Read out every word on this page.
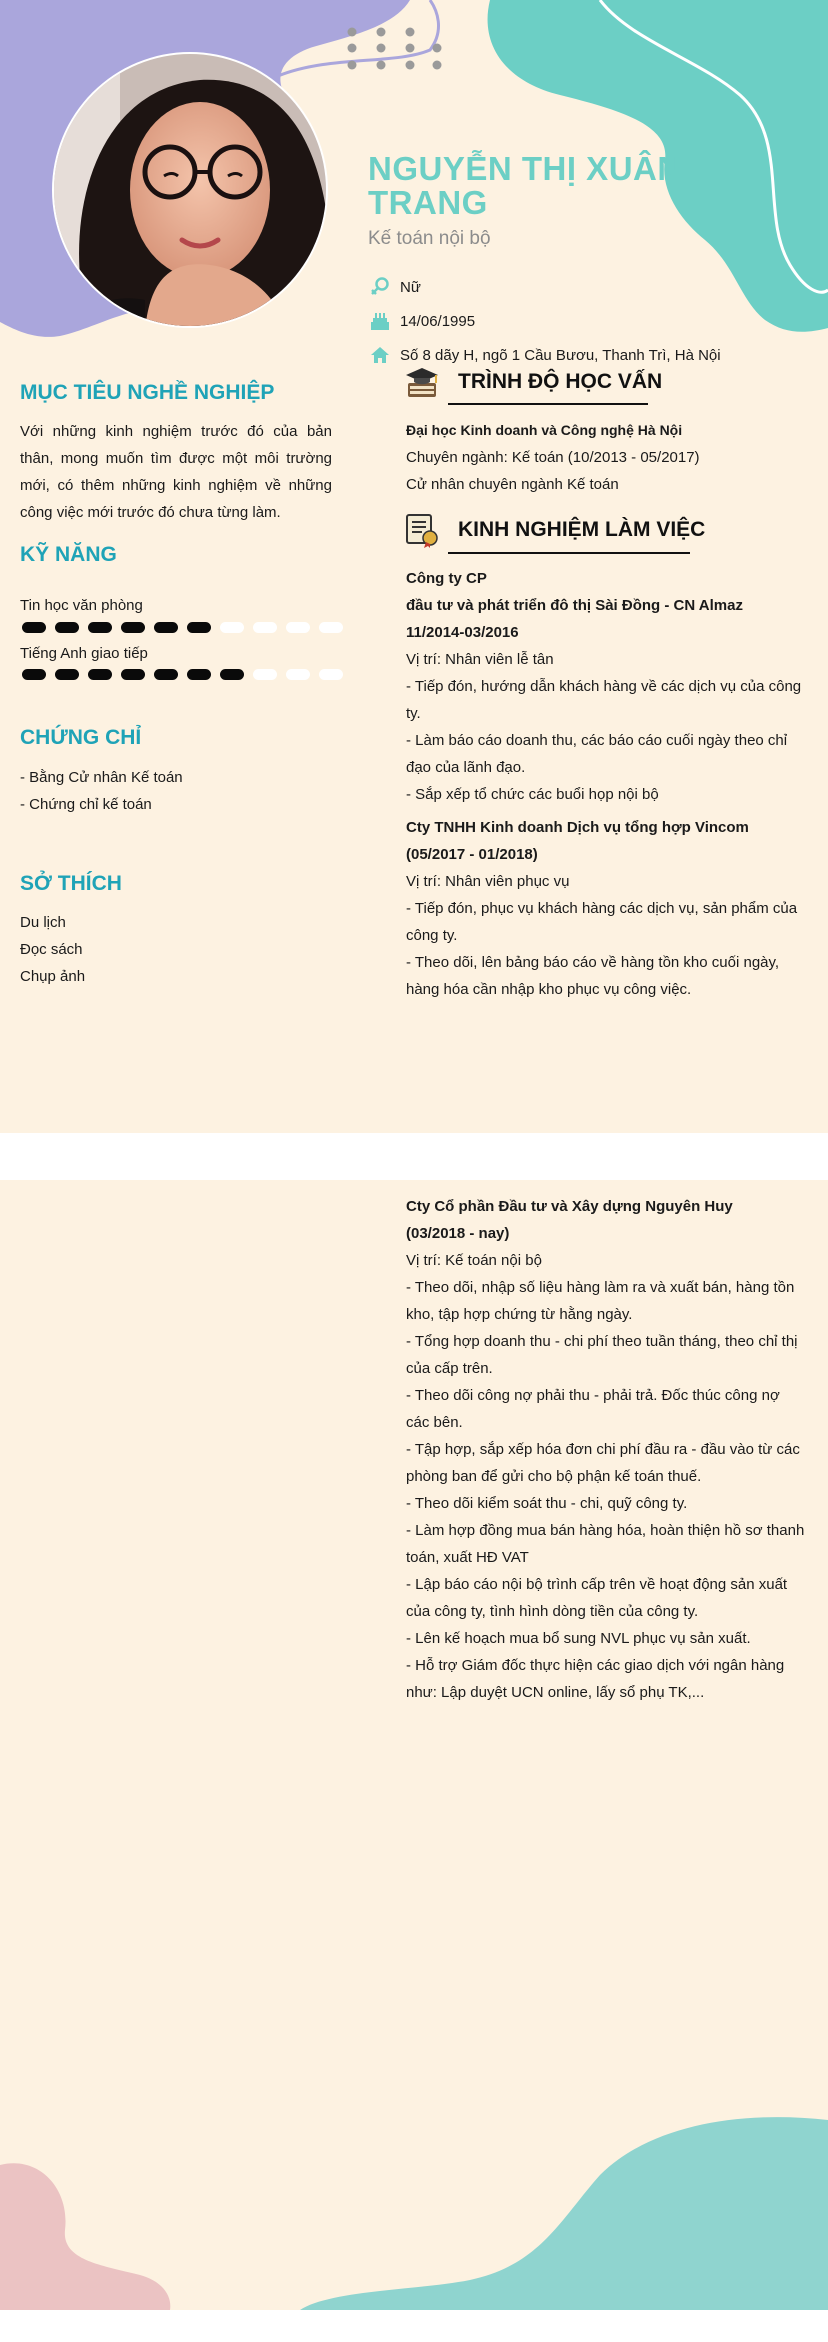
NGUYỄN THỊ XUÂN
TRANG
Kế toán nội bộ
Nữ
14/06/1995
Số 8 dãy H, ngõ 1 Cầu Bươu, Thanh Trì, Hà Nội
MỤC TIÊU NGHỀ NGHIỆP
Với những kinh nghiệm trước đó của bản thân, mong muốn tìm được một môi trường mới, có thêm những kinh nghiệm về những công việc mới trước đó chưa từng làm.
KỸ NĂNG
Tin học văn phòng
Tiếng Anh giao tiếp
CHỨNG CHỈ
- Bằng Cử nhân Kế toán
- Chứng chỉ kế toán
SỞ THÍCH
Du lịch
Đọc sách
Chụp ảnh
TRÌNH ĐỘ HỌC VẤN
Đại học Kinh doanh và Công nghệ Hà Nội
Chuyên ngành: Kế toán (10/2013 - 05/2017)
Cử nhân chuyên ngành Kế toán
KINH NGHIỆM LÀM VIỆC
Công ty CP
đầu tư và phát triển đô thị Sài Đồng - CN Almaz
11/2014-03/2016
Vị trí: Nhân viên lễ tân
- Tiếp đón, hướng dẫn khách hàng về các dịch vụ của công ty.
- Làm báo cáo doanh thu, các báo cáo cuối ngày theo chỉ đạo của lãnh đạo.
- Sắp xếp tổ chức các buổi họp nội bộ
Cty TNHH Kinh doanh Dịch vụ tổng hợp Vincom
(05/2017 - 01/2018)
Vị trí: Nhân viên phục vụ
- Tiếp đón, phục vụ khách hàng các dịch vụ, sản phẩm của công ty.
- Theo dõi, lên bảng báo cáo về hàng tồn kho cuối ngày, hàng hóa cần nhập kho phục vụ công việc.
Cty Cổ phần Đầu tư và Xây dựng Nguyên Huy
(03/2018 - nay)
Vị trí: Kế toán nội bộ
- Theo dõi, nhập số liệu hàng làm ra và xuất bán, hàng tồn kho, tập hợp chứng từ hằng ngày.
- Tổng hợp doanh thu - chi phí theo tuần tháng, theo chỉ thị của cấp trên.
- Theo dõi công nợ phải thu - phải trả. Đốc thúc công nợ các bên.
- Tập hợp, sắp xếp hóa đơn chi phí đầu ra - đầu vào từ các phòng ban để gửi cho bộ phận kế toán thuế.
- Theo dõi kiểm soát thu - chi, quỹ công ty.
- Làm hợp đồng mua bán hàng hóa, hoàn thiện hồ sơ thanh toán, xuất HĐ VAT
- Lập báo cáo nội bộ trình cấp trên về hoạt động sản xuất của công ty, tình hình dòng tiền của công ty.
- Lên kế hoạch mua bổ sung NVL phục vụ sản xuất.
- Hỗ trợ Giám đốc thực hiện các giao dịch với ngân hàng như: Lập duyệt UCN online, lấy sổ phụ TK,...
